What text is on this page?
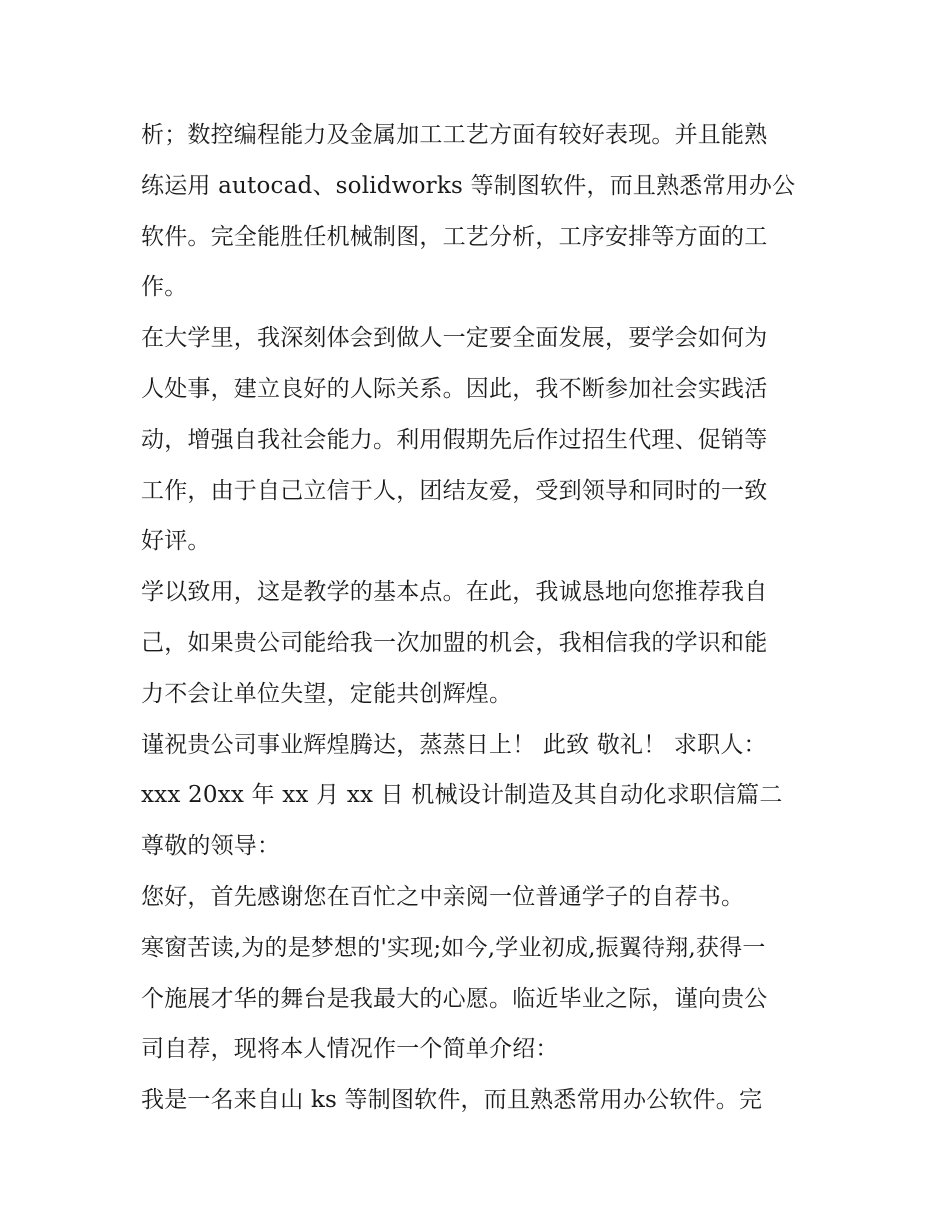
析；数控编程能力及金属加工工艺方面有较好表现。并且能熟
练运用 autocad、solidworks 等制图软件，而且熟悉常用办公
软件。完全能胜任机械制图，工艺分析，工序安排等方面的工
作。
在大学里，我深刻体会到做人一定要全面发展，要学会如何为
人处事，建立良好的人际关系。因此，我不断参加社会实践活
动，增强自我社会能力。利用假期先后作过招生代理、促销等
工作，由于自己立信于人，团结友爱，受到领导和同时的一致
好评。
学以致用，这是教学的基本点。在此，我诚恳地向您推荐我自
己，如果贵公司能给我一次加盟的机会，我相信我的学识和能
力不会让单位失望，定能共创辉煌。
谨祝贵公司事业辉煌腾达，蒸蒸日上！ 此致 敬礼！ 求职人：
xxx 20xx 年 xx 月 xx 日 机械设计制造及其自动化求职信篇二
尊敬的领导：
您好，首先感谢您在百忙之中亲阅一位普通学子的自荐书。
寒窗苦读,为的是梦想的'实现;如今,学业初成,振翼待翔,获得一
个施展才华的舞台是我最大的心愿。临近毕业之际，谨向贵公
司自荐，现将本人情况作一个简单介绍：
我是一名来自山 ks 等制图软件，而且熟悉常用办公软件。完
